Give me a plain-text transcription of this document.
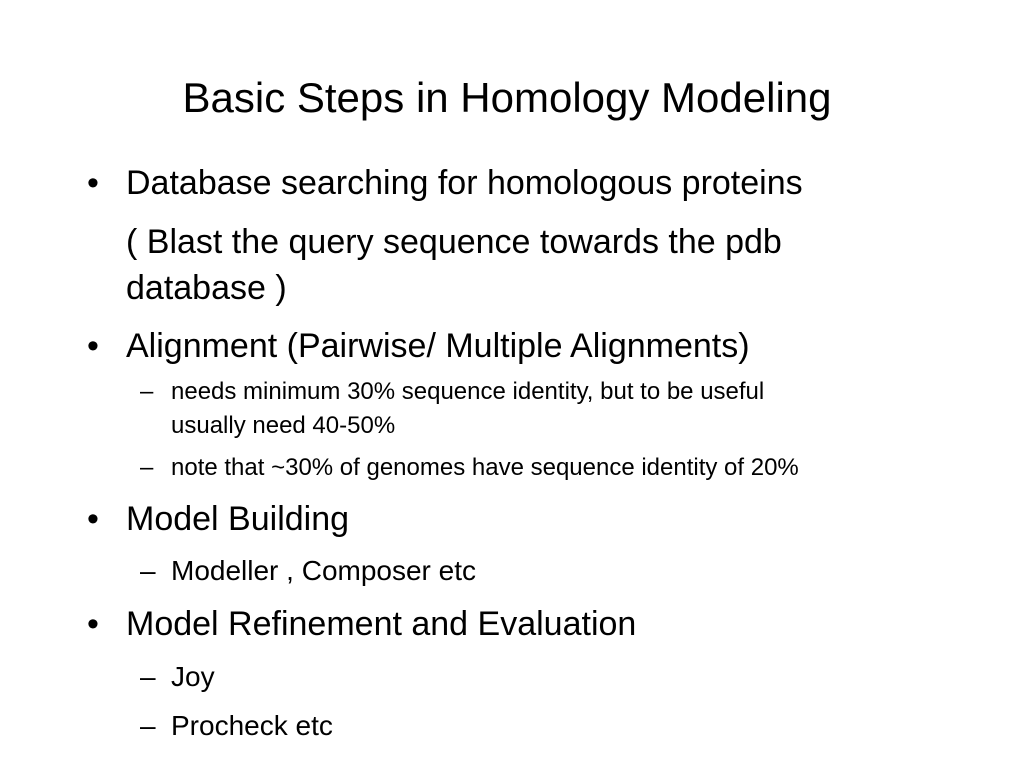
Basic Steps in Homology Modeling
• Database searching for homologous proteins
( Blast the query sequence towards the pdb
database )
• Alignment (Pairwise/ Multiple Alignments)
– needs minimum 30% sequence identity, but to be useful
usually need 40-50%
– note that ~30% of genomes have sequence identity of 20%
• Model Building
– Modeller , Composer etc
• Model Refinement and Evaluation
– Joy
– Procheck etc
